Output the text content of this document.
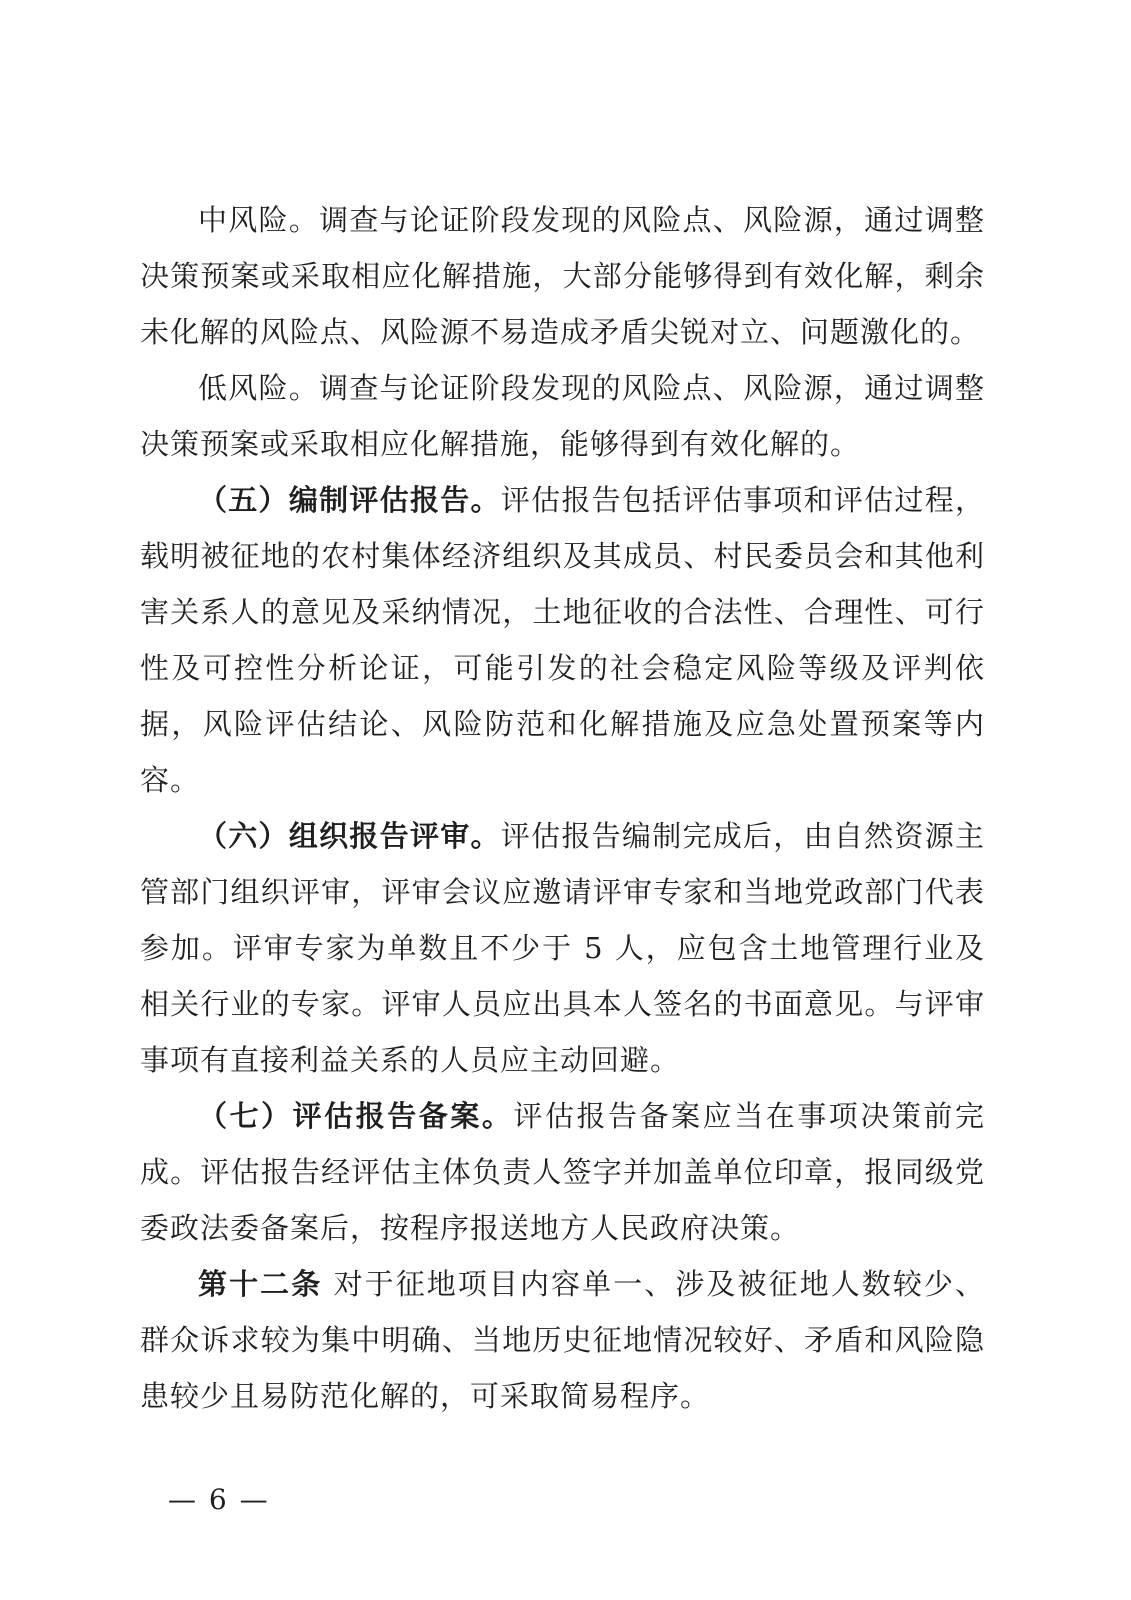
中风险。调查与论证阶段发现的风险点、风险源，通过调整决策预案或采取相应化解措施，大部分能够得到有效化解，剩余未化解的风险点、风险源不易造成矛盾尖锐对立、问题激化的。

低风险。调查与论证阶段发现的风险点、风险源，通过调整决策预案或采取相应化解措施，能够得到有效化解的。

（五）编制评估报告。评估报告包括评估事项和评估过程，载明被征地的农村集体经济组织及其成员、村民委员会和其他利害关系人的意见及采纳情况，土地征收的合法性、合理性、可行性及可控性分析论证，可能引发的社会稳定风险等级及评判依据，风险评估结论、风险防范和化解措施及应急处置预案等内容。

（六）组织报告评审。评估报告编制完成后，由自然资源主管部门组织评审，评审会议应邀请评审专家和当地党政部门代表参加。评审专家为单数且不少于 5 人，应包含土地管理行业及相关行业的专家。评审人员应出具本人签名的书面意见。与评审事项有直接利益关系的人员应主动回避。

（七）评估报告备案。评估报告备案应当在事项决策前完成。评估报告经评估主体负责人签字并加盖单位印章，报同级党委政法委备案后，按程序报送地方人民政府决策。

第十二条 对于征地项目内容单一、涉及被征地人数较少、群众诉求较为集中明确、当地历史征地情况较好、矛盾和风险隐患较少且易防范化解的，可采取简易程序。

— 6 —
